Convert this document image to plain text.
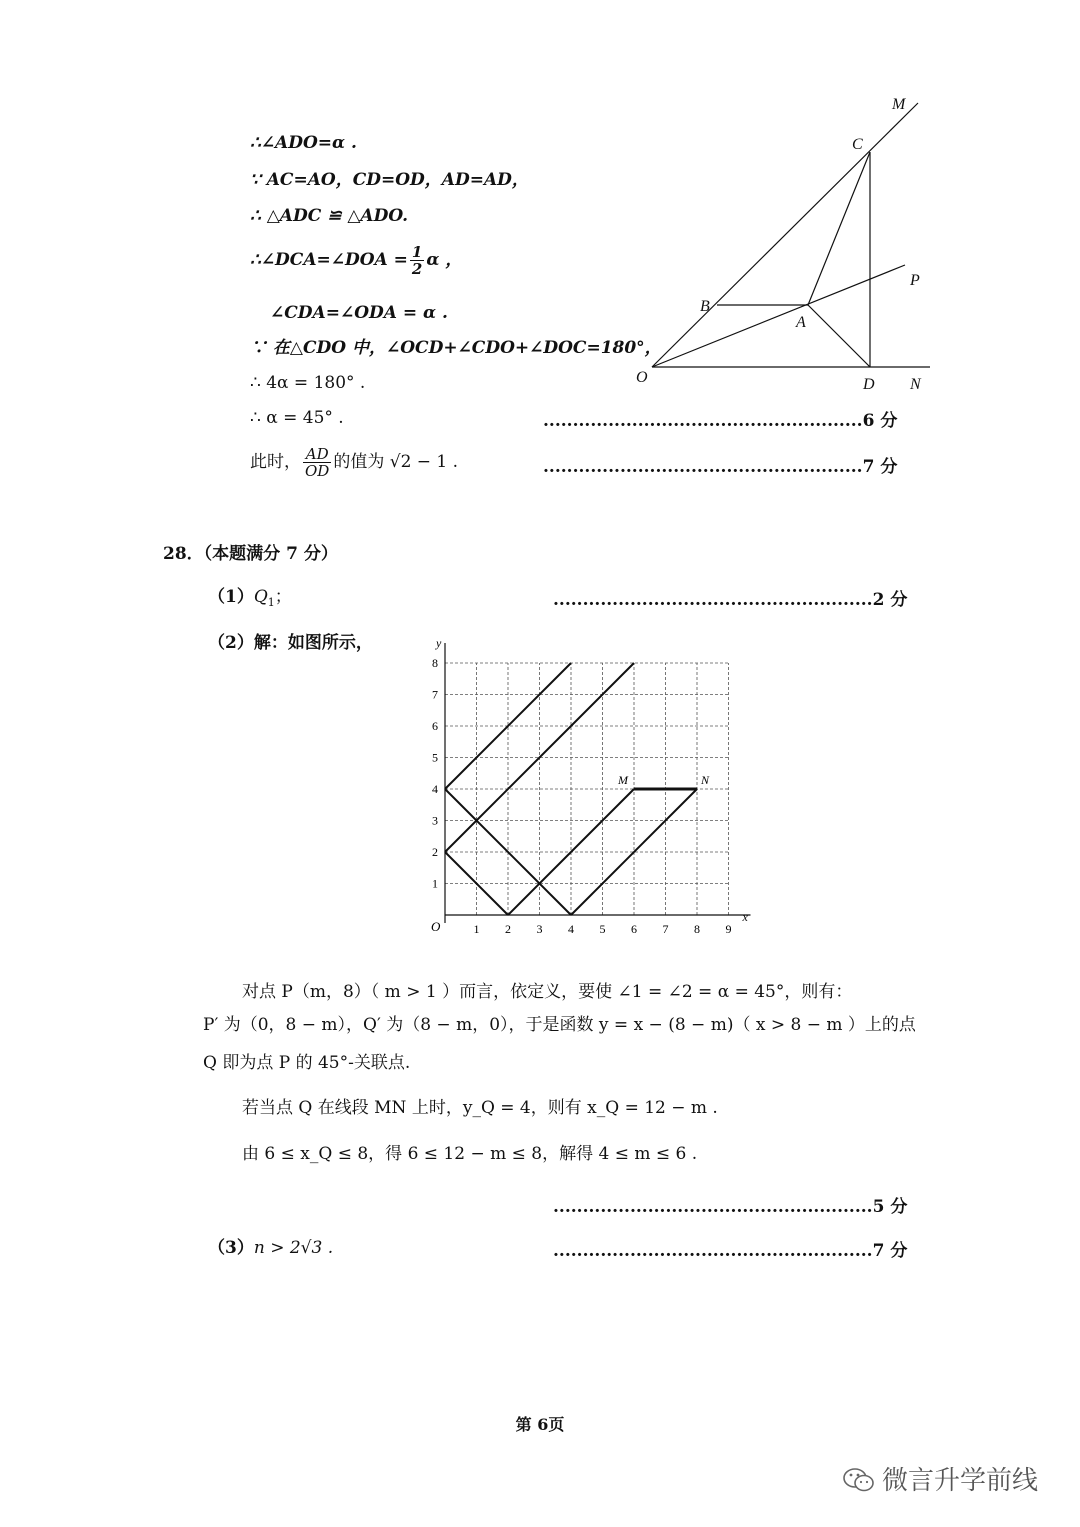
∴∠ADO=α .
∵ AC=AO，CD=OD，AD=AD，
∴ △ADC ≌ △ADO.
∴∠DCA=∠DOA = $\frac{1}{2}$ α ，
∠CDA=∠ODA = α .
∵ 在△CDO 中，∠OCD+∠CDO+∠DOC=180°，
∴ 4α = 180° .
∴ α = 45° .	......................................................6 分
此时， $\frac{AD}{OD}$ 的值为 √2 − 1 .	......................................................7 分
M
C
P
B
A
O	D N
28．（本题满分 7 分）
$(1)Q_1$；	......................................................2 分
（2）解：如图所示，
1 2 3 4 5 6 7 8 9
1
2
3
4
5
6
7
8
O
x
y
M	N
对点 P（m，8）（ m > 1 ）而言，依定义，要使 ∠1 = ∠2 = α = 45°，则有：
P′ 为（0，8 − m），Q′ 为（8 − m，0），于是函数 y = x − (8 − m)（ x > 8 − m ）上的点
Q 即为点 P 的 45°-关联点.
若当点 Q 在线段 MN 上时，y_Q = 4，则有 x_Q = 12 − m .
由 6 ≤ x_Q ≤ 8，得 6 ≤ 12 − m ≤ 8，解得 4 ≤ m ≤ 6 .
......................................................5 分
（3）n > 2√3 .	......................................................7 分
第 6页
微言升学前线
